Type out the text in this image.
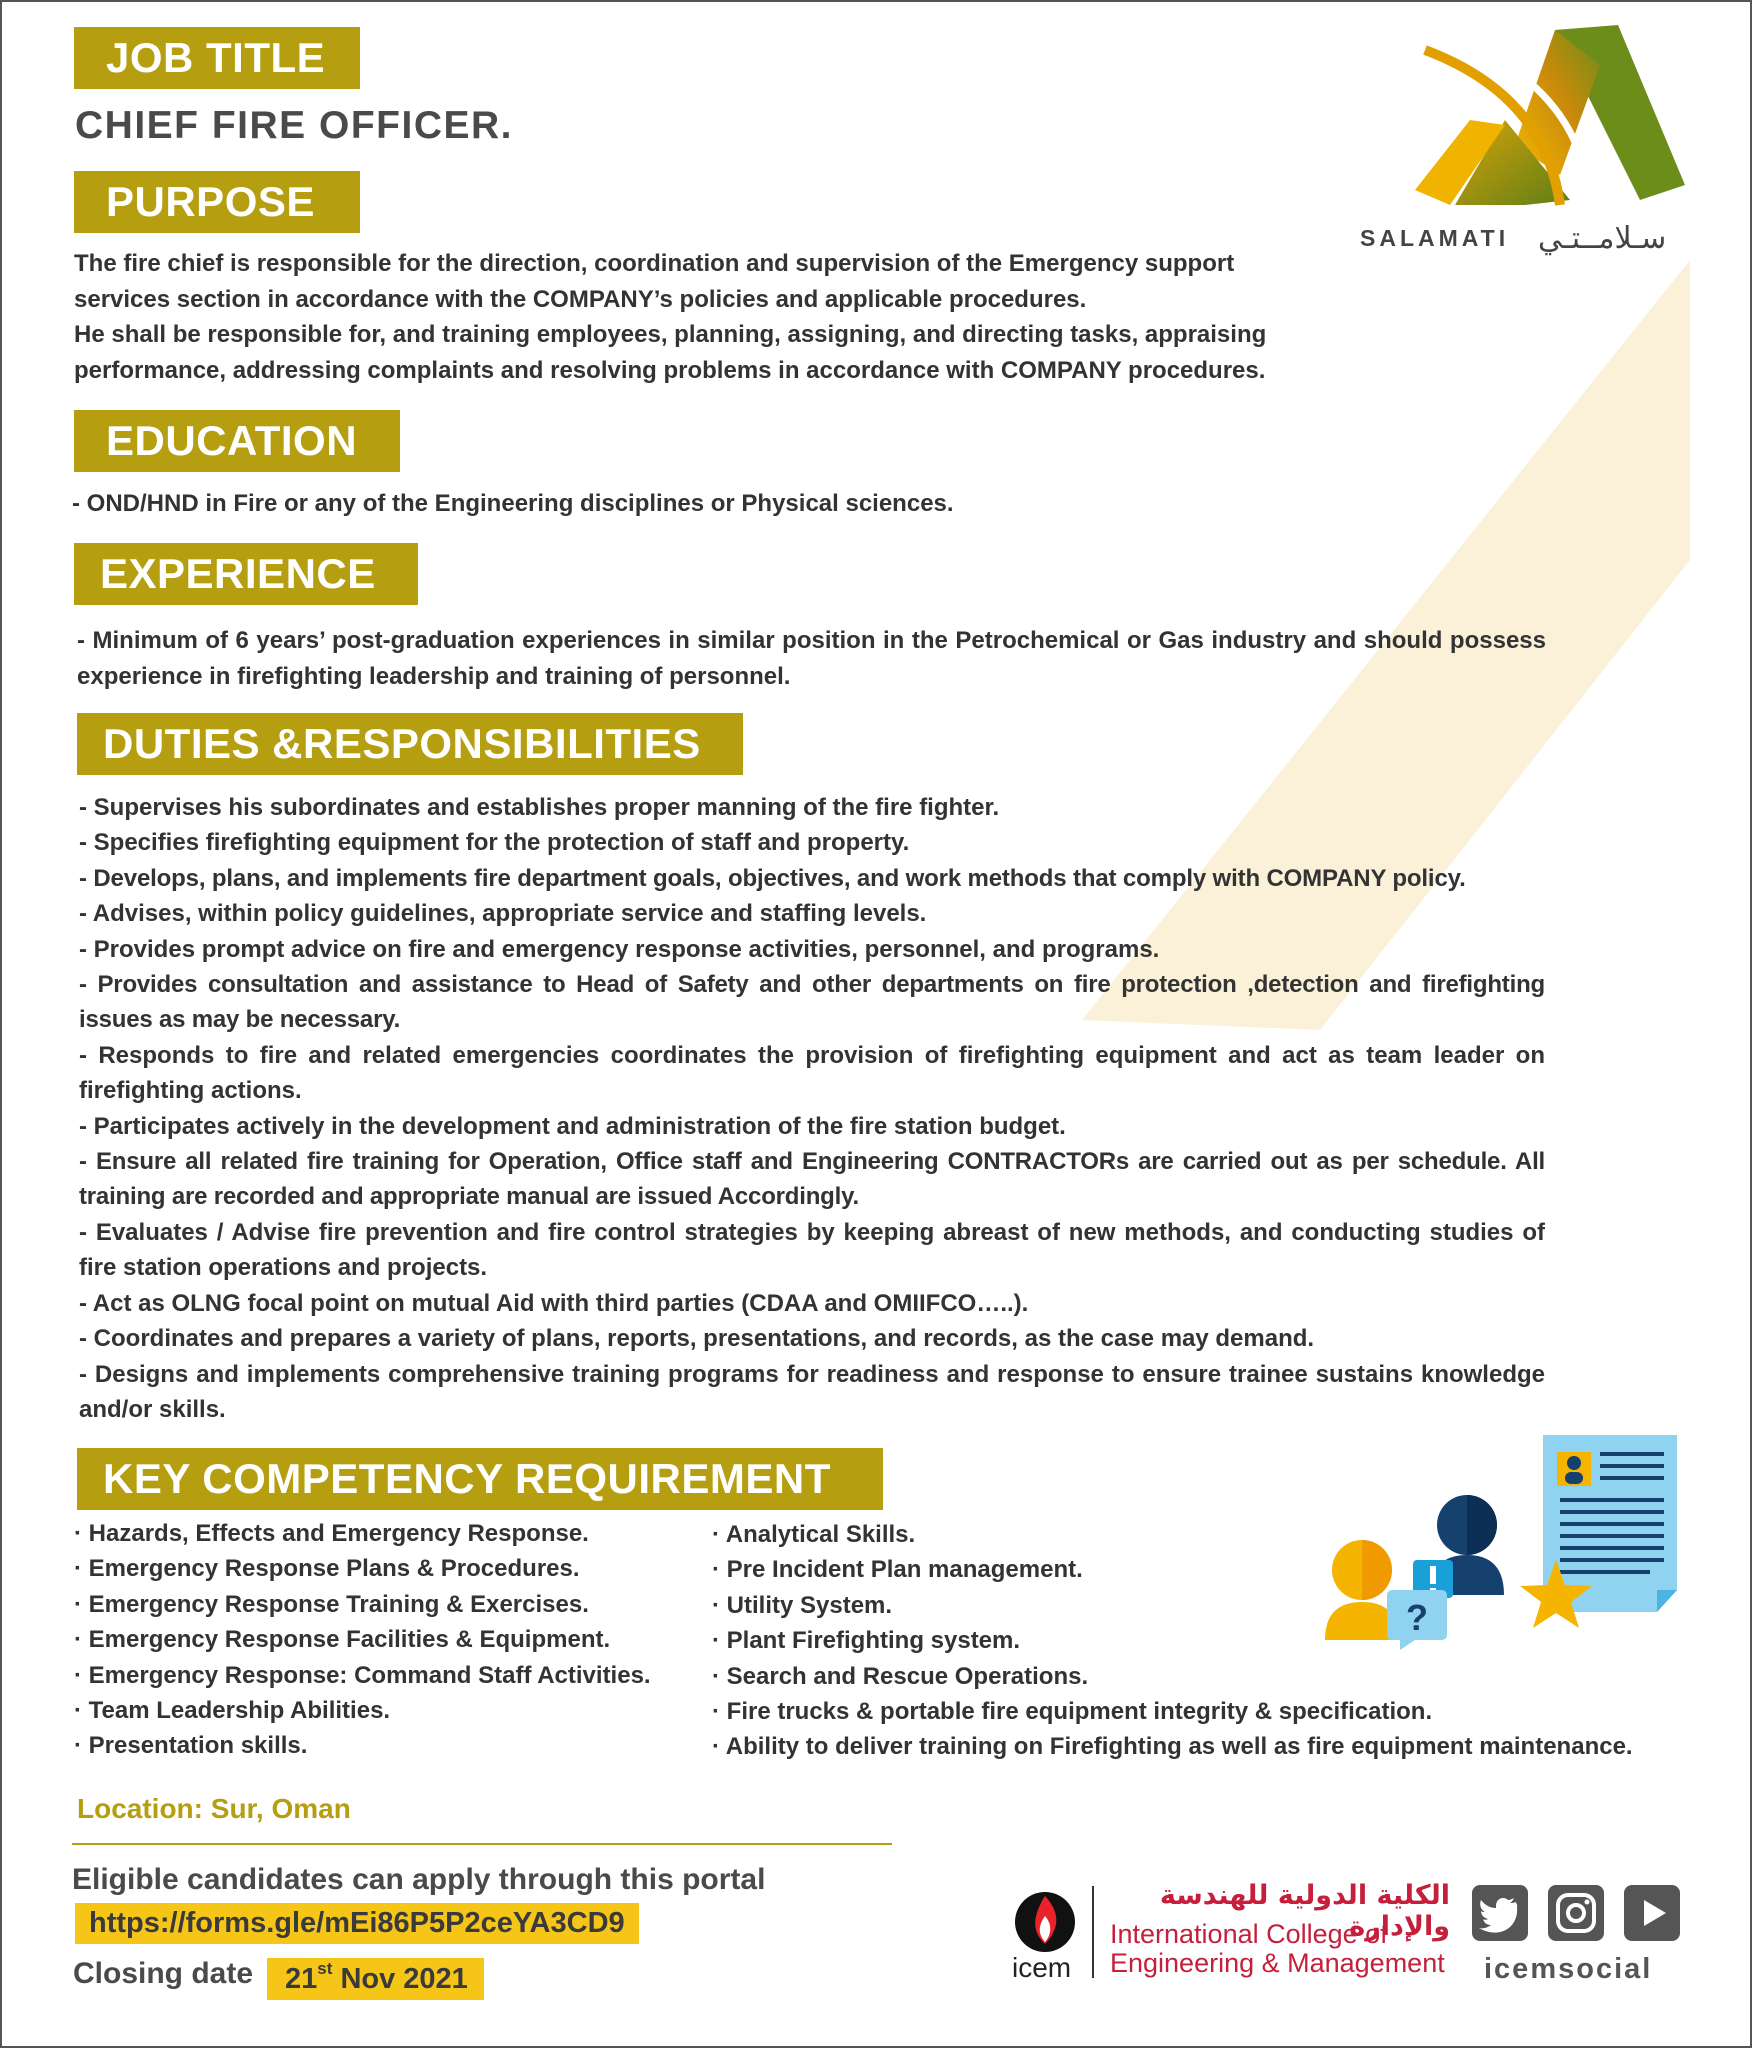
JOB TITLE
CHIEF FIRE OFFICER.
PURPOSE
The fire chief is responsible for the direction, coordination and supervision of the Emergency support
services section in accordance with the COMPANY’s policies and applicable procedures.
He shall be responsible for, and training employees, planning, assigning, and directing tasks, appraising
performance, addressing complaints and resolving problems in accordance with COMPANY procedures.
SALAMATI سـلامــتـي
EDUCATION
- OND/HND in Fire or any of the Engineering disciplines or Physical sciences.
EXPERIENCE
- Minimum of 6 years’ post-graduation experiences in similar position in the Petrochemical or Gas industry and should possess experience in firefighting leadership and training of personnel.
DUTIES &RESPONSIBILITIES
- Supervises his subordinates and establishes proper manning of the fire fighter.
- Specifies firefighting equipment for the protection of staff and property.
- Develops, plans, and implements fire department goals, objectives, and work methods that comply with COMPANY policy.
- Advises, within policy guidelines, appropriate service and staffing levels.
- Provides prompt advice on fire and emergency response activities, personnel, and programs.
- Provides consultation and assistance to Head of Safety and other departments on fire protection ,detection and firefighting issues as may be necessary.
- Responds to fire and related emergencies coordinates the provision of firefighting equipment and act as team leader on firefighting actions.
- Participates actively in the development and administration of the fire station budget.
- Ensure all related fire training for Operation, Office staff and Engineering CONTRACTORs are carried out as per schedule. All training are recorded and appropriate manual are issued Accordingly.
- Evaluates / Advise fire prevention and fire control strategies by keeping abreast of new methods, and conducting studies of fire station operations and projects.
- Act as OLNG focal point on mutual Aid with third parties (CDAA and OMIIFCO…..).
- Coordinates and prepares a variety of plans, reports, presentations, and records, as the case may demand.
- Designs and implements comprehensive training programs for readiness and response to ensure trainee sustains knowledge and/or skills.
KEY COMPETENCY REQUIREMENT
· Hazards, Effects and Emergency Response.
· Emergency Response Plans & Procedures.
· Emergency Response Training & Exercises.
· Emergency Response Facilities & Equipment.
· Emergency Response: Command Staff Activities.
· Team Leadership Abilities.
· Presentation skills.
· Analytical Skills.
· Pre Incident Plan management.
· Utility System.
· Plant Firefighting system.
· Search and Rescue Operations.
· Fire trucks & portable fire equipment integrity & specification.
· Ability to deliver training on Firefighting as well as fire equipment maintenance.
?
Location: Sur, Oman
Eligible candidates can apply through this portal
https://forms.gle/mEi86P5P2ceYA3CD9
Closing date	21st Nov 2021	icem
الكلية الدولية للهندسة والإدارة
International College of
Engineering & Management icemsocial
